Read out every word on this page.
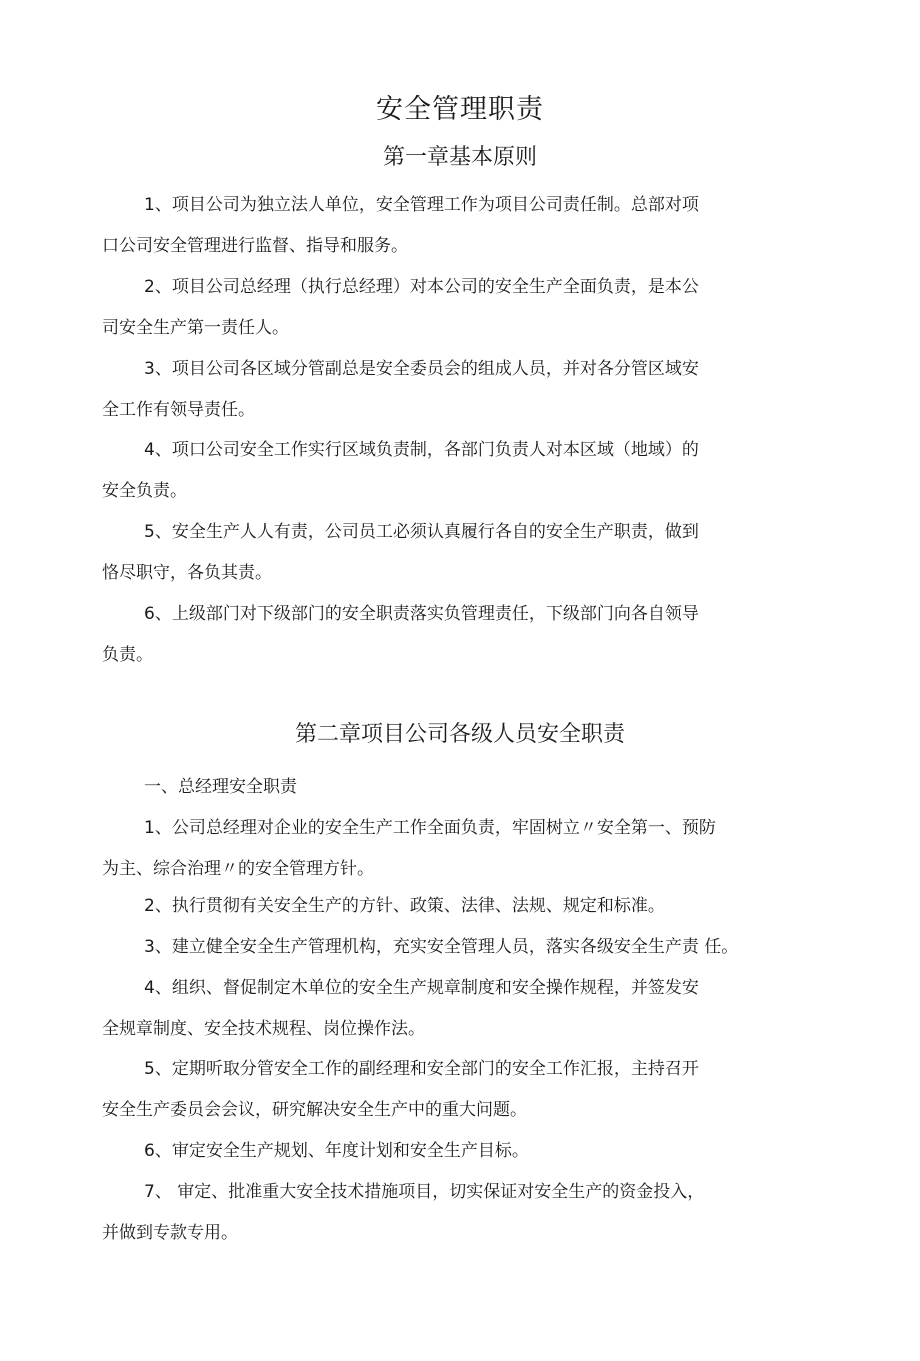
安全管理职责
第一章基本原则
1、项目公司为独立法人单位，安全管理工作为项目公司责任制。总部对项
口公司安全管理进行监督、指导和服务。
2、项目公司总经理（执行总经理）对本公司的安全生产全面负责，是本公
司安全生产第一责任人。
3、项目公司各区域分管副总是安全委员会的组成人员，并对各分管区域安
全工作有领导责任。
4、项口公司安全工作实行区域负责制，各部门负责人对本区域（地域）的
安全负责。
5、安全生产人人有责，公司员工必须认真履行各自的安全生产职责，做到
恪尽职守，各负其责。
6、上级部门对下级部门的安全职责落实负管理责任，下级部门向各自领导
负责。
第二章项目公司各级人员安全职责
一、总经理安全职责
1、公司总经理对企业的安全生产工作全面负责，牢固树立〃安全第一、预防
为主、综合治理〃的安全管理方针。
2、执行贯彻有关安全生产的方针、政策、法律、法规、规定和标准。
3、建立健全安全生产管理机构，充实安全管理人员，落实各级安全生产责 任。
4、组织、督促制定木单位的安全生产规章制度和安全操作规程，并签发安
全规章制度、安全技术规程、岗位操作法。
5、定期听取分管安全工作的副经理和安全部门的安全工作汇报，主持召开
安全生产委员会会议，研究解决安全生产中的重大问题。
6、审定安全生产规划、年度计划和安全生产目标。
7、 审定、批准重大安全技术措施项目，切实保证对安全生产的资金投入，
并做到专款专用。
